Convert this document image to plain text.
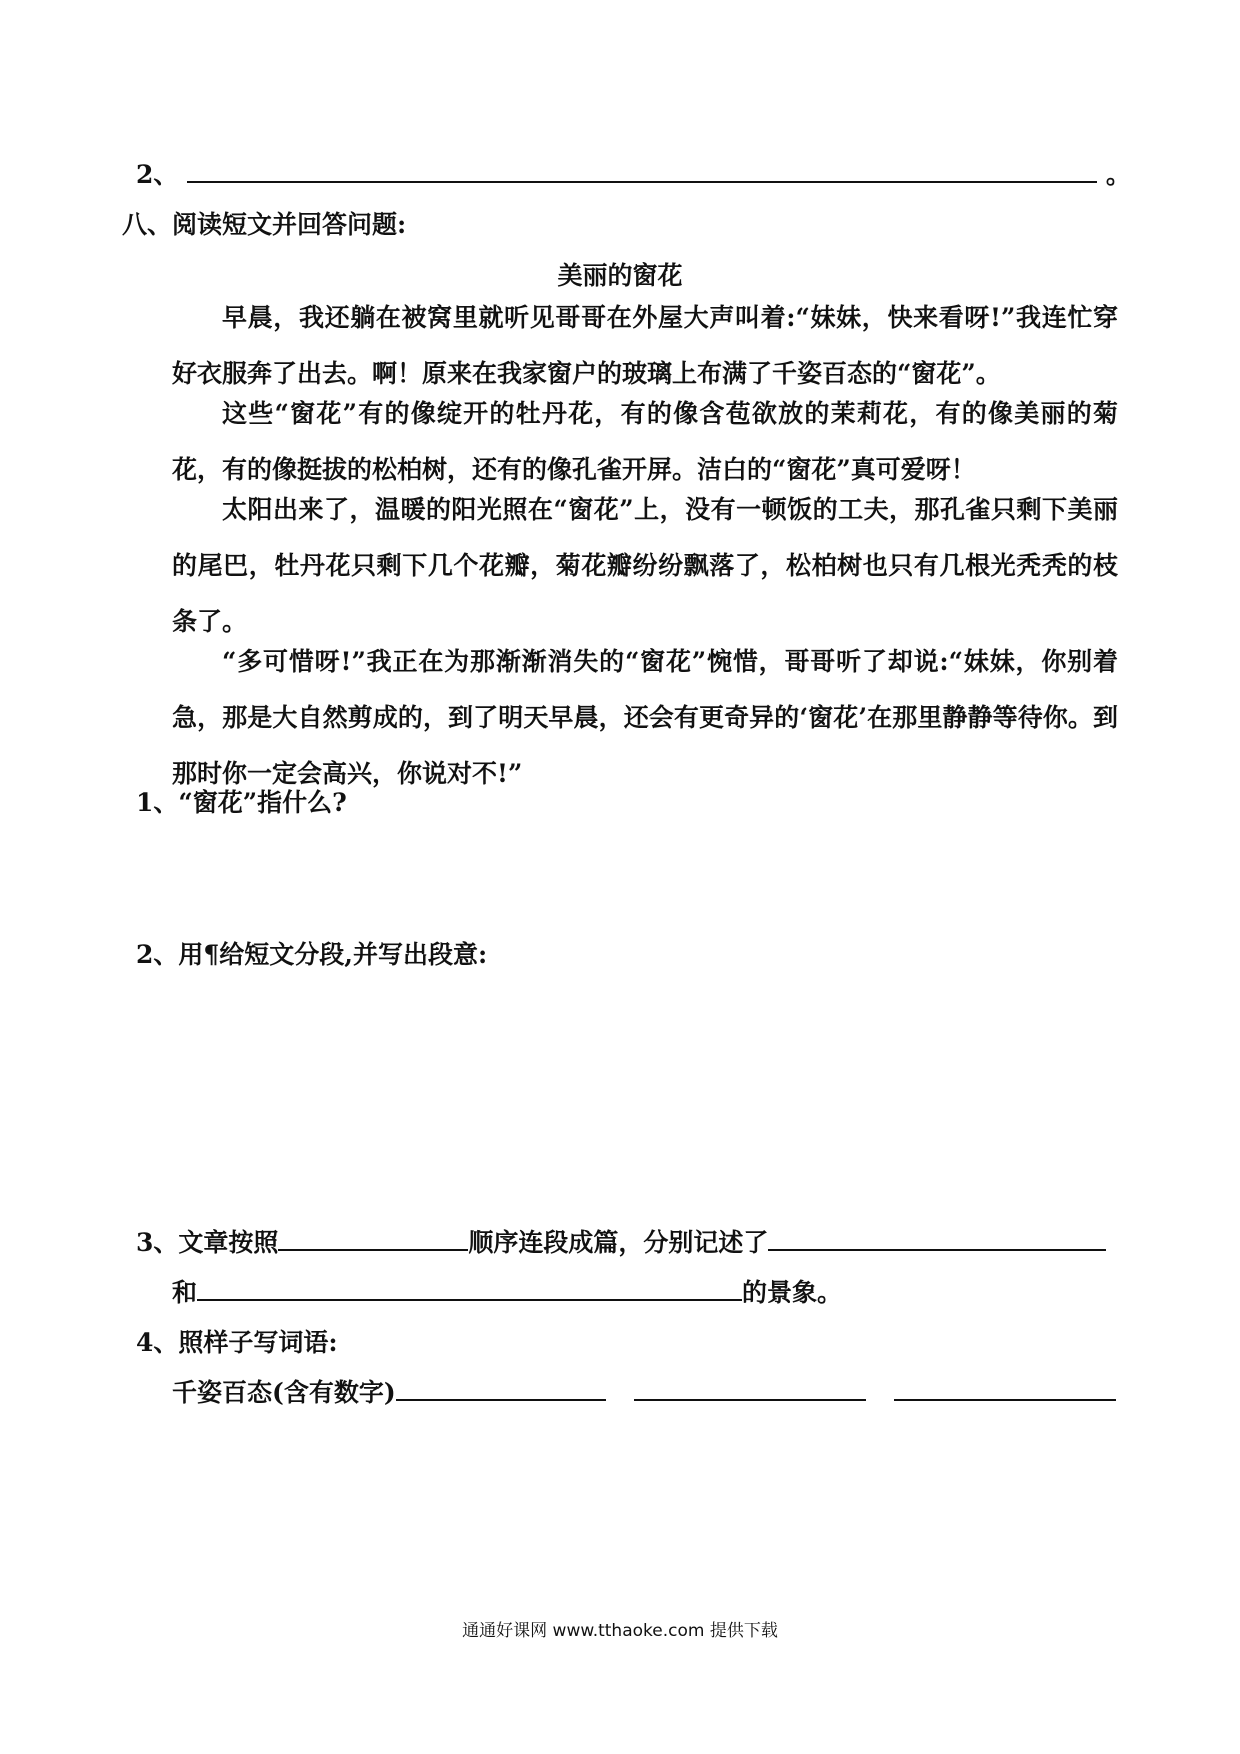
2、	。
八、阅读短文并回答问题:
美丽的窗花
早晨，我还躺在被窝里就听见哥哥在外屋大声叫着:“妹妹，快来看呀!”我连忙穿好衣服奔了出去。啊！原来在我家窗户的玻璃上布满了千姿百态的“窗花”。
这些“窗花”有的像绽开的牡丹花，有的像含苞欲放的茉莉花，有的像美丽的菊花，有的像挺拔的松柏树，还有的像孔雀开屏。洁白的“窗花”真可爱呀！
太阳出来了，温暖的阳光照在“窗花”上，没有一顿饭的工夫，那孔雀只剩下美丽的尾巴，牡丹花只剩下几个花瓣，菊花瓣纷纷飘落了，松柏树也只有几根光秃秃的枝条了。
“多可惜呀!”我正在为那渐渐消失的“窗花”惋惜，哥哥听了却说:“妹妹，你别着急，那是大自然剪成的，到了明天早晨，还会有更奇异的‘窗花’在那里静静等待你。到那时你一定会高兴，你说对不!”
1、“窗花”指什么?
2、用¶给短文分段,并写出段意:
3、文章按照	顺序连段成篇，分别记述了
和	的景象。
4、照样子写词语:
千姿百态(含有数字)
通通好课网 www.tthaoke.com 提供下载
